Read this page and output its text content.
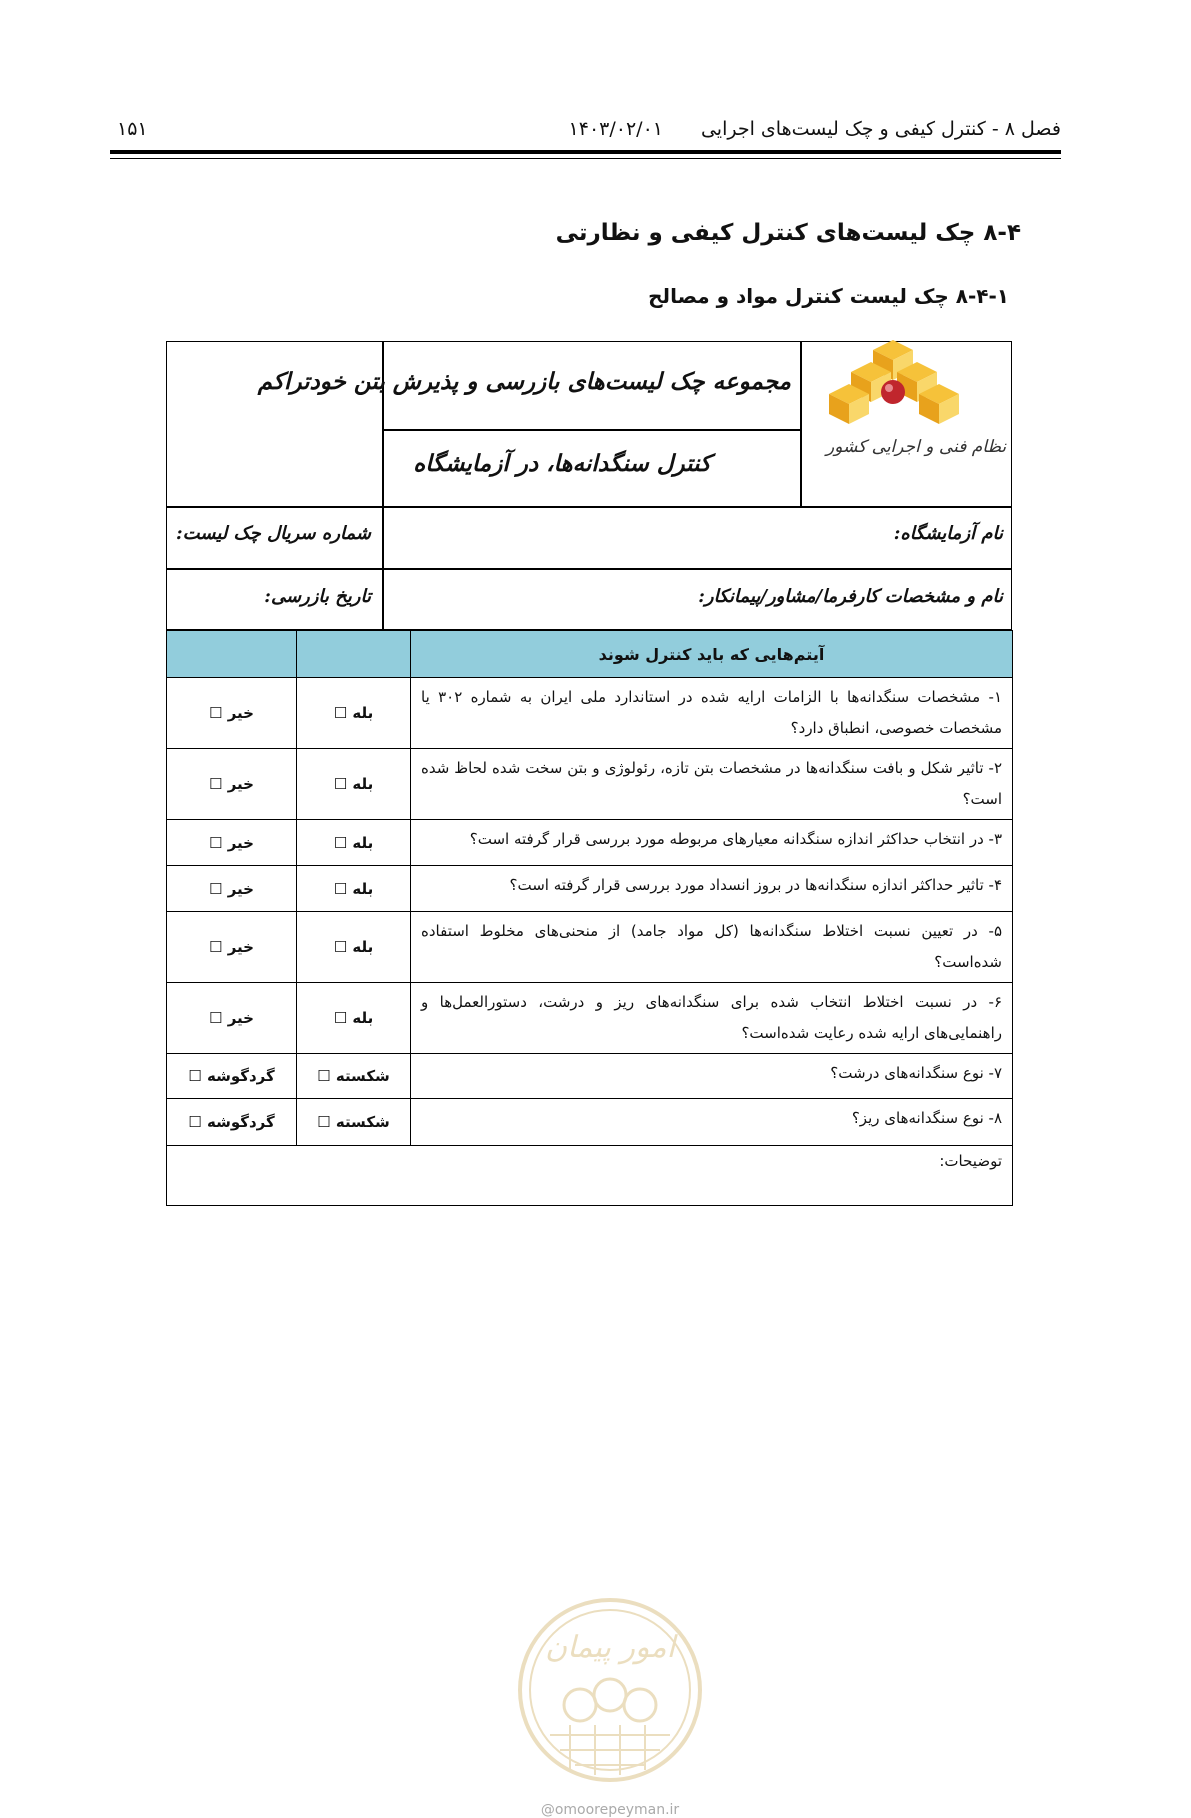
فصل ۸ - کنترل کیفی و چک لیست‌های اجرایی
۱۴۰۳/۰۲/۰۱
۱۵۱
۸-۴ چک لیست‌های کنترل کیفی و نظارتی
۸-۴-۱ چک لیست کنترل مواد و مصالح
نظام فنی و اجرایی کشور
مجموعه چک لیست‌های بازرسی و پذیرش بتن خودتراکم
کنترل سنگدانه‌ها، در آزمایشگاه
نام آزمایشگاه:
شماره سریال چک لیست:
نام و مشخصات کارفرما/مشاور/پیمانکار:
تاریخ بازرسی:
آیتم‌هایی که باید کنترل شوند		
۱- مشخصات سنگدانه‌ها با الزامات ارایه شده در استاندارد ملی ایران به شماره ۳۰۲ یا مشخصات خصوصی، انطباق دارد؟	بله ☐	خیر ☐
۲- تاثیر شکل و بافت سنگدانه‌ها در مشخصات بتن تازه، رئولوژی و بتن سخت شده لحاظ شده است؟	بله ☐	خیر ☐
۳- در انتخاب حداکثر اندازه سنگدانه معیارهای مربوطه مورد بررسی قرار گرفته است؟	بله ☐	خیر ☐
۴- تاثیر حداکثر اندازه سنگدانه‌ها در بروز انسداد مورد بررسی قرار گرفته است؟	بله ☐	خیر ☐
۵- در تعیین نسبت اختلاط سنگدانه‌ها (کل مواد جامد) از منحنی‌های مخلوط استفاده شده‌است؟	بله ☐	خیر ☐
۶- در نسبت اختلاط انتخاب شده برای سنگدانه‌های ریز و درشت، دستورالعمل‌ها و راهنمایی‌های ارایه شده رعایت شده‌است؟	بله ☐	خیر ☐
۷- نوع سنگدانه‌های درشت؟	شکسته ☐	گردگوشه ☐
۸- نوع سنگدانه‌های ریز؟	شکسته ☐	گردگوشه ☐
توضیحات:		
امور پیمان
@omoorepeyman.ir
